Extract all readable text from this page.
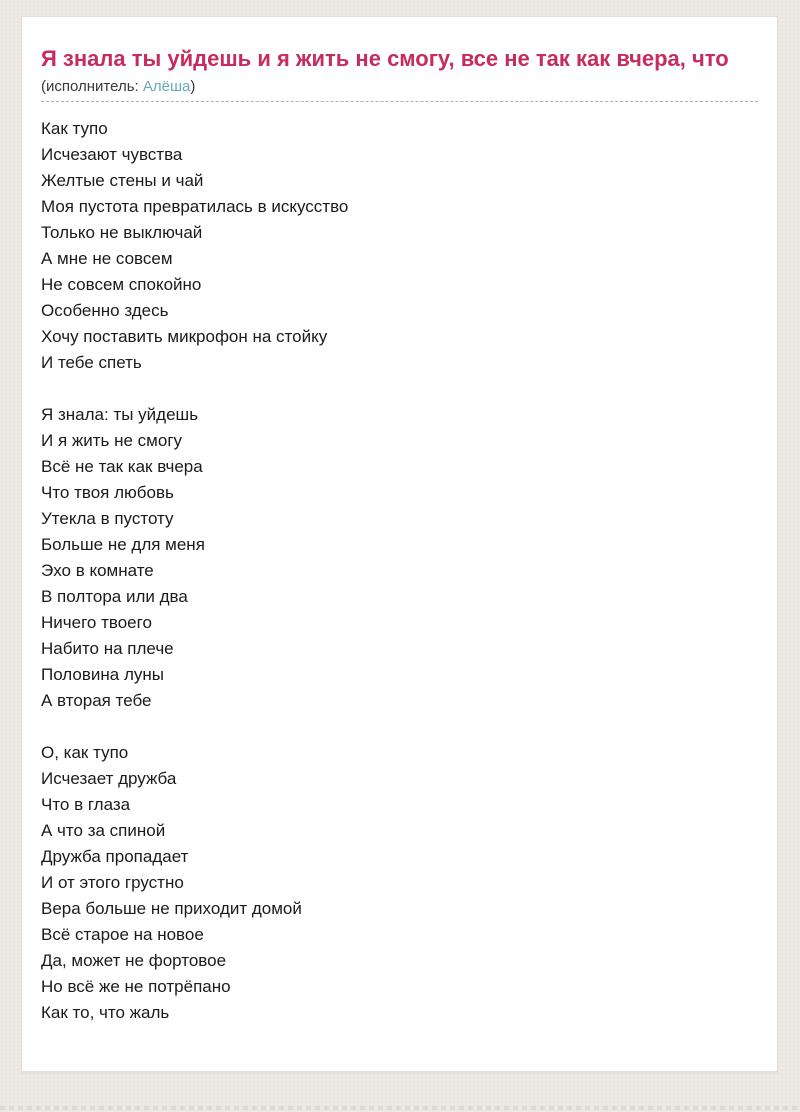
Я знала ты уйдешь и я жить не смогу, все не так как вчера, что
(исполнитель: Алёша)
Как тупо
Исчезают чувства
Желтые стены и чай
Моя пустота превратилась в искусство
Только не выключай
А мне не совсем
Не совсем спокойно
Особенно здесь
Хочу поставить микрофон на стойку
И тебе спеть
Я знала: ты уйдешь
И я жить не смогу
Всё не так как вчера
Что твоя любовь
Утекла в пустоту
Больше не для меня
Эхо в комнате
В полтора или два
Ничего твоего
Набито на плече
Половина луны
А вторая тебе
О, как тупо
Исчезает дружба
Что в глаза
А что за спиной
Дружба пропадает
И от этого грустно
Вера больше не приходит домой
Всё старое на новое
Да, может не фортовое
Но всё же не потрёпано
Как то, что жаль
